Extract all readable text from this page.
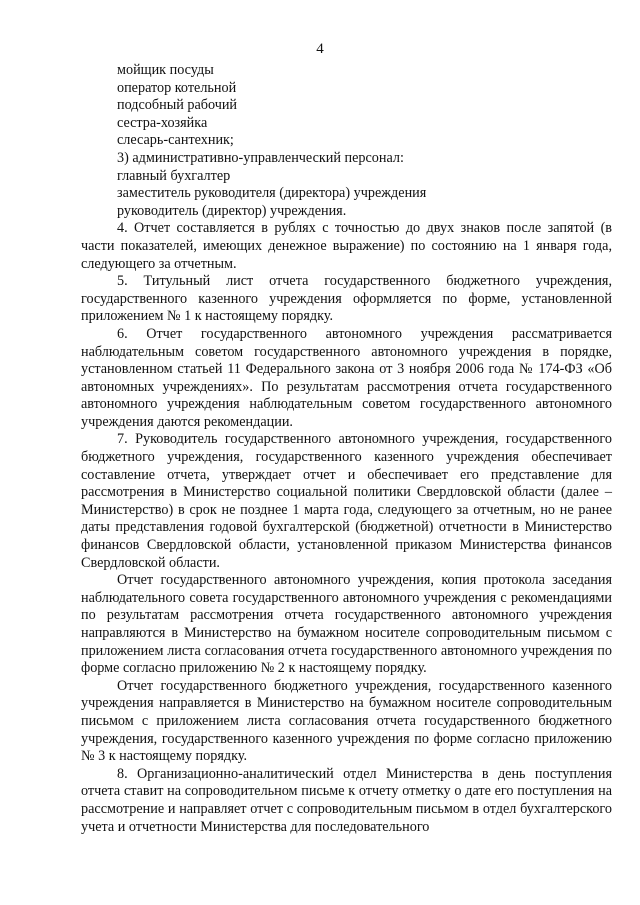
4

мойщик посуды

оператор котельной

подсобный рабочий

сестра-хозяйка

слесарь-сантехник;

3) административно-управленческий персонал:

главный бухгалтер

заместитель руководителя (директора) учреждения

руководитель (директор) учреждения.

4. Отчет составляется в рублях с точностью до двух знаков после запятой (в части показателей, имеющих денежное выражение) по состоянию на 1 января года, следующего за отчетным.

5. Титульный лист отчета государственного бюджетного учреждения, государственного казенного учреждения оформляется по форме, установленной приложением № 1 к настоящему порядку.

6. Отчет государственного автономного учреждения рассматривается наблюдательным советом государственного автономного учреждения в порядке, установленном статьей 11 Федерального закона от 3 ноября 2006 года № 174-ФЗ «Об автономных учреждениях». По результатам рассмотрения отчета государственного автономного учреждения наблюдательным советом государственного автономного учреждения даются рекомендации.

7. Руководитель государственного автономного учреждения, государственного бюджетного учреждения, государственного казенного учреждения обеспечивает составление отчета, утверждает отчет и обеспечивает его представление для рассмотрения в Министерство социальной политики Свердловской области (далее – Министерство) в срок не позднее 1 марта года, следующего за отчетным, но не ранее даты представления годовой бухгалтерской (бюджетной) отчетности в Министерство финансов Свердловской области, установленной приказом Министерства финансов Свердловской области.

Отчет государственного автономного учреждения, копия протокола заседания наблюдательного совета государственного автономного учреждения с рекомендациями по результатам рассмотрения отчета государственного автономного учреждения направляются в Министерство на бумажном носителе сопроводительным письмом с приложением листа согласования отчета государственного автономного учреждения по форме согласно приложению № 2 к настоящему порядку.

Отчет государственного бюджетного учреждения, государственного казенного учреждения направляется в Министерство на бумажном носителе сопроводительным письмом с приложением листа согласования отчета государственного бюджетного учреждения, государственного казенного учреждения по форме согласно приложению № 3 к настоящему порядку.

8. Организационно-аналитический отдел Министерства в день поступления отчета ставит на сопроводительном письме к отчету отметку о дате его поступления на рассмотрение и направляет отчет с сопроводительным письмом в отдел бухгалтерского учета и отчетности Министерства для последовательного
